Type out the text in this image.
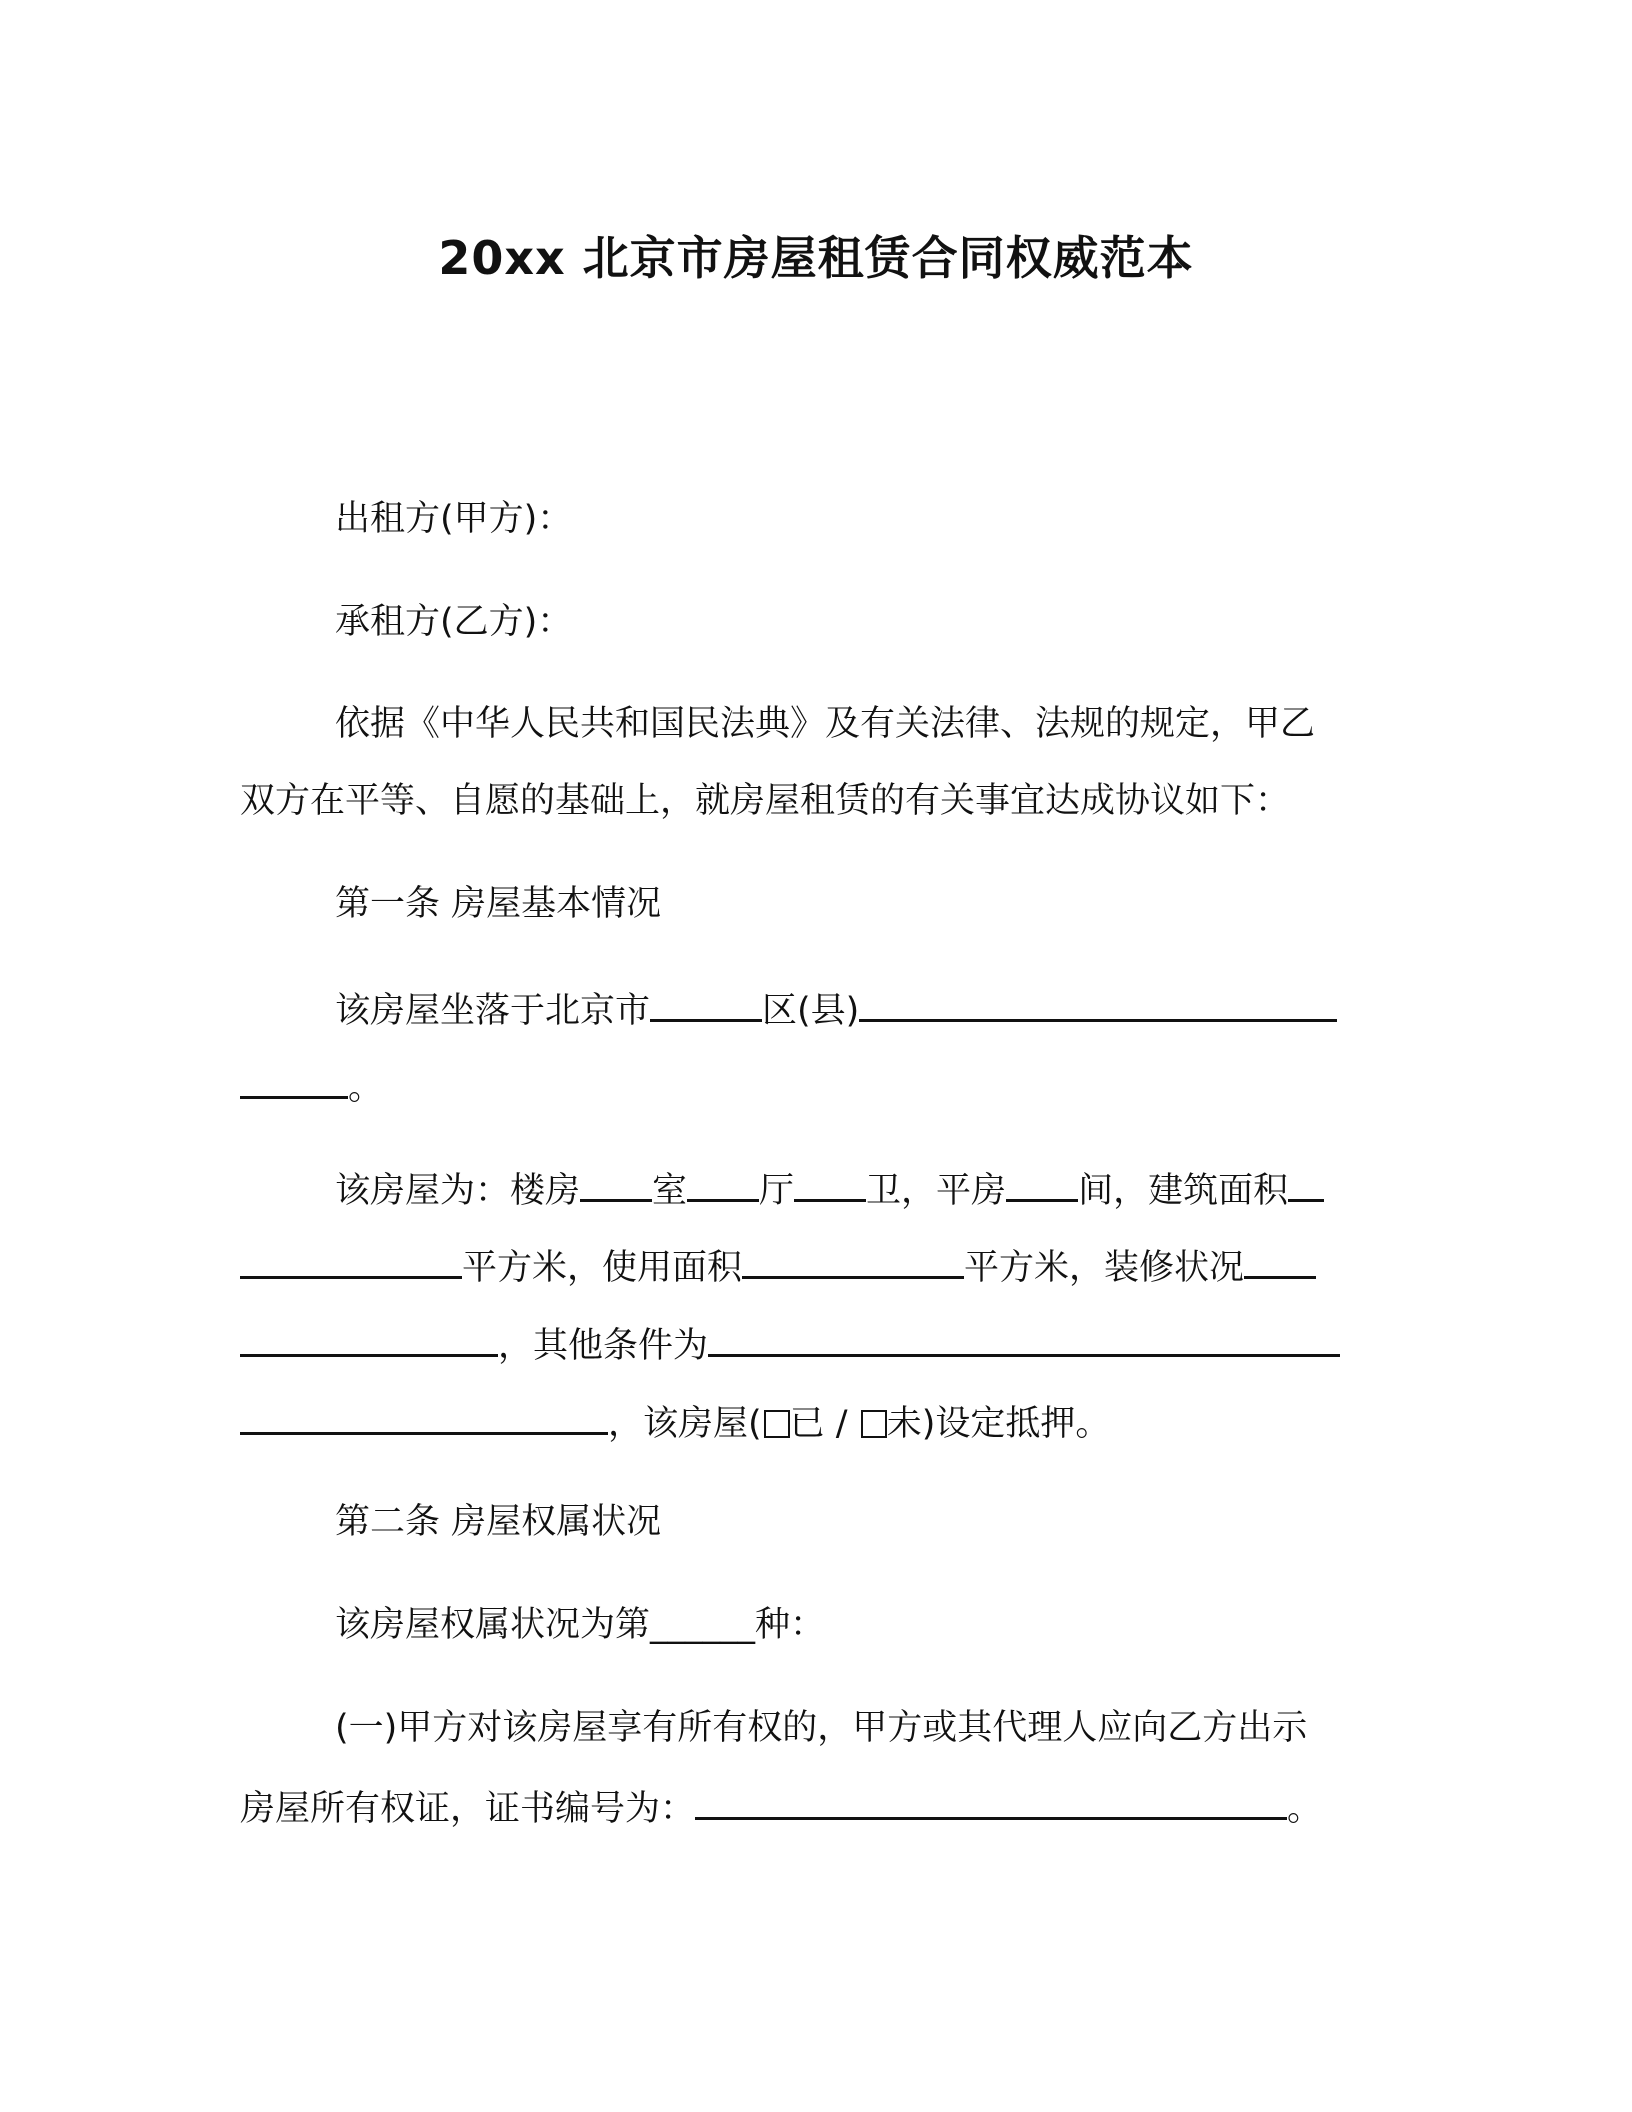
20xx 北京市房屋租赁合同权威范本
出租方(甲方)：
承租方(乙方)：
依据《中华人民共和国民法典》及有关法律、法规的规定，甲乙
双方在平等、自愿的基础上，就房屋租赁的有关事宜达成协议如下：
第一条 房屋基本情况
该房屋坐落于北京市	区(县)
。
该房屋为：楼房 室 厅 卫，平房 间，建筑面积
平方米，使用面积	平方米，装修状况
，其他条件为
，该房屋( 已 / 未)设定抵押。
第二条 房屋权属状况
该房屋权属状况为第______种：
(一)甲方对该房屋享有所有权的，甲方或其代理人应向乙方出示
房屋所有权证，证书编号为：	。
